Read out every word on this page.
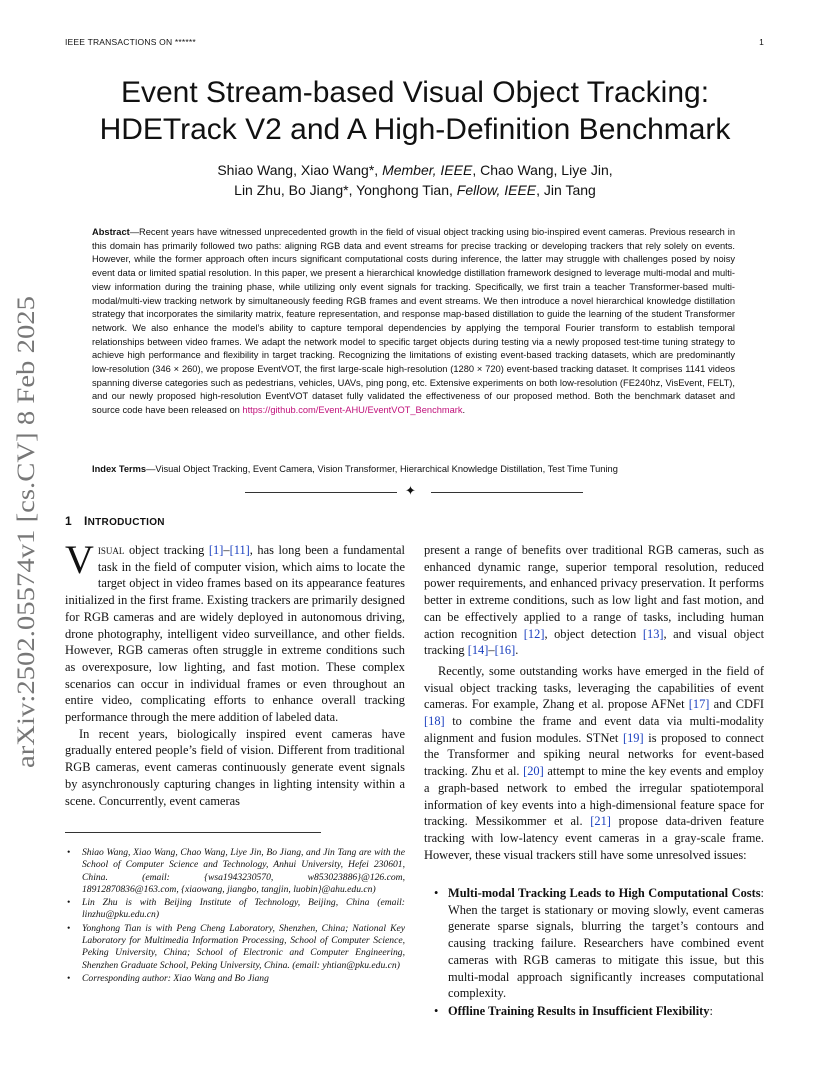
IEEE TRANSACTIONS ON ******	1
arXiv:2502.05574v1 [cs.CV] 8 Feb 2025
Event Stream-based Visual Object Tracking:
HDETrack V2 and A High-Definition Benchmark
Shiao Wang, Xiao Wang*, Member, IEEE, Chao Wang, Liye Jin,
Lin Zhu, Bo Jiang*, Yonghong Tian, Fellow, IEEE, Jin Tang
Abstract—Recent years have witnessed unprecedented growth in the field of visual object tracking using bio-inspired event cameras. Previous research in this domain has primarily followed two paths: aligning RGB data and event streams for precise tracking or developing trackers that rely solely on events. However, while the former approach often incurs significant computational costs during inference, the latter may struggle with challenges posed by noisy event data or limited spatial resolution. In this paper, we present a hierarchical knowledge distillation framework designed to leverage multi-modal and multi-view information during the training phase, while utilizing only event signals for tracking. Specifically, we first train a teacher Transformer-based multi-modal/multi-view tracking network by simultaneously feeding RGB frames and event streams. We then introduce a novel hierarchical knowledge distillation strategy that incorporates the similarity matrix, feature representation, and response map-based distillation to guide the learning of the student Transformer network. We also enhance the model’s ability to capture temporal dependencies by applying the temporal Fourier transform to establish temporal relationships between video frames. We adapt the network model to specific target objects during testing via a newly proposed test-time tuning strategy to achieve high performance and flexibility in target tracking. Recognizing the limitations of existing event-based tracking datasets, which are predominantly low-resolution (346 × 260), we propose EventVOT, the first large-scale high-resolution (1280 × 720) event-based tracking dataset. It comprises 1141 videos spanning diverse categories such as pedestrians, vehicles, UAVs, ping pong, etc. Extensive experiments on both low-resolution (FE240hz, VisEvent, FELT), and our newly proposed high-resolution EventVOT dataset fully validated the effectiveness of our proposed method. Both the benchmark dataset and source code have been released on https://github.com/Event-AHU/EventVOT_Benchmark.
Index Terms—Visual Object Tracking, Event Camera, Vision Transformer, Hierarchical Knowledge Distillation, Test Time Tuning
✦
1 INTRODUCTION

Visual object tracking [1]–[11], has long been a fundamental task in the field of computer vision, which aims to locate the target object in video frames based on its appearance features initialized in the first frame. Existing trackers are primarily designed for RGB cameras and are widely deployed in autonomous driving, drone photography, intelligent video surveillance, and other fields. However, RGB cameras often struggle in extreme conditions such as overexposure, low lighting, and fast motion. These complex scenarios can occur in individual frames or even throughout an entire video, complicating efforts to enhance overall tracking performance through the mere addition of labeled data.

In recent years, biologically inspired event cameras have gradually entered people’s field of vision. Different from traditional RGB cameras, event cameras continuously generate event signals by asynchronously capturing changes in lighting intensity within a scene. Concurrently, event cameras

• Shiao Wang, Xiao Wang, Chao Wang, Liye Jin, Bo Jiang, and Jin Tang are with the School of Computer Science and Technology, Anhui University, Hefei 230601, China. (email: {wsa1943230570, w853023886}@126.com, 18912870836@163.com, {xiaowang, jiangbo, tangjin, luobin}@ahu.edu.cn)
• Lin Zhu is with Beijing Institute of Technology, Beijing, China (email: linzhu@pku.edu.cn)
• Yonghong Tian is with Peng Cheng Laboratory, Shenzhen, China; National Key Laboratory for Multimedia Information Processing, School of Computer Science, Peking University, China; School of Electronic and Computer Engineering, Shenzhen Graduate School, Peking University, China. (email: yhtian@pku.edu.cn)
• Corresponding author: Xiao Wang and Bo Jiang

present a range of benefits over traditional RGB cameras, such as enhanced dynamic range, superior temporal resolution, reduced power requirements, and enhanced privacy preservation. It performs better in extreme conditions, such as low light and fast motion, and can be effectively applied to a range of tasks, including human action recognition [12], object detection [13], and visual object tracking [14]–[16].

Recently, some outstanding works have emerged in the field of visual object tracking tasks, leveraging the capabilities of event cameras. For example, Zhang et al. propose AFNet [17] and CDFI [18] to combine the frame and event data via multi-modality alignment and fusion modules. STNet [19] is proposed to connect the Transformer and spiking neural networks for event-based tracking. Zhu et al. [20] attempt to mine the key events and employ a graph-based network to embed the irregular spatiotemporal information of key events into a high-dimensional feature space for tracking. Messikommer et al. [21] propose data-driven feature tracking with low-latency event cameras in a gray-scale frame. However, these visual trackers still have some unresolved issues:

• Multi-modal Tracking Leads to High Computational Costs: When the target is stationary or moving slowly, event cameras generate sparse signals, blurring the target’s contours and causing tracking failure. Researchers have combined event cameras with RGB cameras to mitigate this issue, but this multi-modal approach significantly increases computational complexity.
• Offline Training Results in Insufficient Flexibility:
